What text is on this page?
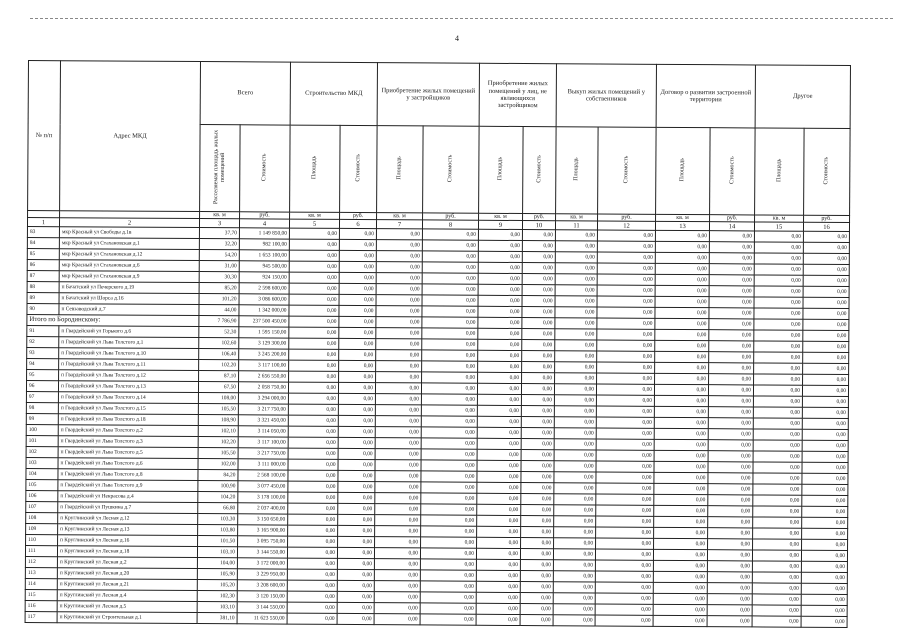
4
№ п/п	Адрес МКД	Всего		Строительство МКД		Приобретение жилых помещений у застройщиков		Приобретение жилых помещений у лиц, не являющихся застройщиком		Выкуп жилых помещений у собственников		Договор о развитии застроенной территории		Другое	
		Расселяемая площадь жилых помещений	Стоимость	Площадь	Стоимость	Площадь	Стоимость	Площадь	Стоимость	Площадь	Стоимость	Площадь	Стоимость	Площадь	Стоимость
		кв. м	руб.	кв. м	руб.	кв. м	руб.	кв. м	руб.	кв. м	руб.	кв. м	руб.	кв. м	руб.
1	2	3	4	5	6	7	8	9	10	11	12	13	14	15	16
83	мкр Красный ул Свободы д.1в	37,70	1 149 850,00	0,00	0,00	0,00	0,00	0,00	0,00	0,00	0,00	0,00	0,00	0,00	0,00
84	мкр Красный ул Стахановская д.1	32,20	982 100,00	0,00	0,00	0,00	0,00	0,00	0,00	0,00	0,00	0,00	0,00	0,00	0,00
85	мкр Красный ул Стахановская д.12	54,20	1 653 100,00	0,00	0,00	0,00	0,00	0,00	0,00	0,00	0,00	0,00	0,00	0,00	0,00
86	мкр Красный ул Стахановская д.6	31,00	945 500,00	0,00	0,00	0,00	0,00	0,00	0,00	0,00	0,00	0,00	0,00	0,00	0,00
87	мкр Красный ул Стахановская д.9	30,30	924 150,00	0,00	0,00	0,00	0,00	0,00	0,00	0,00	0,00	0,00	0,00	0,00	0,00
88	п Бачатский ул Печерского д.19	85,20	2 598 600,00	0,00	0,00	0,00	0,00	0,00	0,00	0,00	0,00	0,00	0,00	0,00	0,00
89	п Бачатский ул Шорса д.16	101,20	3 086 600,00	0,00	0,00	0,00	0,00	0,00	0,00	0,00	0,00	0,00	0,00	0,00	0,00
90	п Севзаводский д.7	44,00	1 342 000,00	0,00	0,00	0,00	0,00	0,00	0,00	0,00	0,00	0,00	0,00	0,00	0,00
Итого по Бородинскому:		7 786,90	237 500 450,00	0,00	0,00	0,00	0,00	0,00	0,00	0,00	0,00	0,00	0,00	0,00	0,00
91	п Гвардейский ул Горького д.6	52,30	1 595 150,00	0,00	0,00	0,00	0,00	0,00	0,00	0,00	0,00	0,00	0,00	0,00	0,00
92	п Гвардейский ул Льва Толстого д.1	102,60	3 129 300,00	0,00	0,00	0,00	0,00	0,00	0,00	0,00	0,00	0,00	0,00	0,00	0,00
93	п Гвардейский ул Льва Толстого д.10	106,40	3 245 200,00	0,00	0,00	0,00	0,00	0,00	0,00	0,00	0,00	0,00	0,00	0,00	0,00
94	п Гвардейский ул Льва Толстого д.11	102,20	3 117 100,00	0,00	0,00	0,00	0,00	0,00	0,00	0,00	0,00	0,00	0,00	0,00	0,00
95	п Гвардейский ул Льва Толстого д.12	87,10	2 656 550,00	0,00	0,00	0,00	0,00	0,00	0,00	0,00	0,00	0,00	0,00	0,00	0,00
96	п Гвардейский ул Льва Толстого д.13	67,50	2 058 750,00	0,00	0,00	0,00	0,00	0,00	0,00	0,00	0,00	0,00	0,00	0,00	0,00
97	п Гвардейский ул Льва Толстого д.14	108,00	3 294 000,00	0,00	0,00	0,00	0,00	0,00	0,00	0,00	0,00	0,00	0,00	0,00	0,00
98	п Гвардейский ул Льва Толстого д.15	105,50	3 217 750,00	0,00	0,00	0,00	0,00	0,00	0,00	0,00	0,00	0,00	0,00	0,00	0,00
99	п Гвардейский ул Льва Толстого д.18	108,90	3 321 450,00	0,00	0,00	0,00	0,00	0,00	0,00	0,00	0,00	0,00	0,00	0,00	0,00
100	п Гвардейский ул Льва Толстого д.2	102,10	3 114 050,00	0,00	0,00	0,00	0,00	0,00	0,00	0,00	0,00	0,00	0,00	0,00	0,00
101	п Гвардейский ул Льва Толстого д.3	102,20	3 117 100,00	0,00	0,00	0,00	0,00	0,00	0,00	0,00	0,00	0,00	0,00	0,00	0,00
102	п Гвардейский ул Льва Толстого д.5	105,50	3 217 750,00	0,00	0,00	0,00	0,00	0,00	0,00	0,00	0,00	0,00	0,00	0,00	0,00
103	п Гвардейский ул Льва Толстого д.6	102,00	3 111 000,00	0,00	0,00	0,00	0,00	0,00	0,00	0,00	0,00	0,00	0,00	0,00	0,00
104	п Гвардейский ул Льва Толстого д.8	84,20	2 568 100,00	0,00	0,00	0,00	0,00	0,00	0,00	0,00	0,00	0,00	0,00	0,00	0,00
105	п Гвардейский ул Льва Толстого д.9	100,90	3 077 450,00	0,00	0,00	0,00	0,00	0,00	0,00	0,00	0,00	0,00	0,00	0,00	0,00
106	п Гвардейский ул Некрасова д.4	104,20	3 178 100,00	0,00	0,00	0,00	0,00	0,00	0,00	0,00	0,00	0,00	0,00	0,00	0,00
107	п Гвардейский ул Пушкина д.7	66,80	2 037 400,00	0,00	0,00	0,00	0,00	0,00	0,00	0,00	0,00	0,00	0,00	0,00	0,00
108	п Круглинский ул Лесная д.12	103,30	3 150 650,00	0,00	0,00	0,00	0,00	0,00	0,00	0,00	0,00	0,00	0,00	0,00	0,00
109	п Круглинский ул Лесная д.13	103,80	3 165 900,00	0,00	0,00	0,00	0,00	0,00	0,00	0,00	0,00	0,00	0,00	0,00	0,00
110	п Круглинский ул Лесная д.16	101,50	3 095 750,00	0,00	0,00	0,00	0,00	0,00	0,00	0,00	0,00	0,00	0,00	0,00	0,00
111	п Круглинский ул Лесная д.18	103,10	3 144 550,00	0,00	0,00	0,00	0,00	0,00	0,00	0,00	0,00	0,00	0,00	0,00	0,00
112	п Круглинский ул Лесная д.2	104,00	3 172 000,00	0,00	0,00	0,00	0,00	0,00	0,00	0,00	0,00	0,00	0,00	0,00	0,00
113	п Круглинский ул Лесная д.20	105,90	3 229 950,00	0,00	0,00	0,00	0,00	0,00	0,00	0,00	0,00	0,00	0,00	0,00	0,00
114	п Круглинский ул Лесная д.21	105,20	3 208 600,00	0,00	0,00	0,00	0,00	0,00	0,00	0,00	0,00	0,00	0,00	0,00	0,00
115	п Круглинский ул Лесная д.4	102,30	3 120 150,00	0,00	0,00	0,00	0,00	0,00	0,00	0,00	0,00	0,00	0,00	0,00	0,00
116	п Круглинский ул Лесная д.5	103,10	3 144 550,00	0,00	0,00	0,00	0,00	0,00	0,00	0,00	0,00	0,00	0,00	0,00	0,00
117	п Круглинский ул Строительная д.1	381,10	11 623 550,00	0,00	0,00	0,00	0,00	0,00	0,00	0,00	0,00	0,00	0,00	0,00	0,00
